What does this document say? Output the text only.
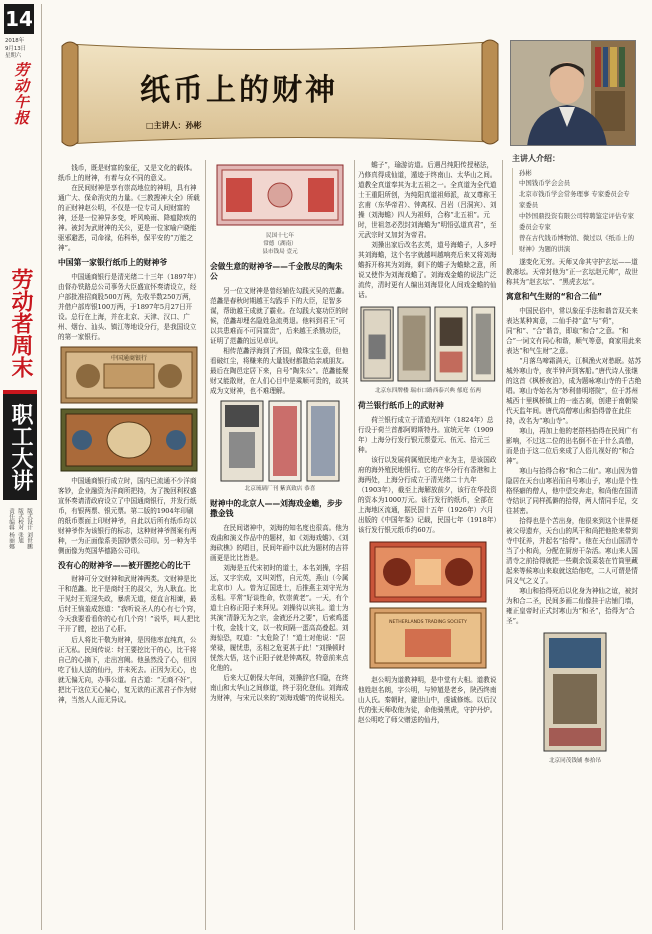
14
2018年
9月13日
星期六
劳动午报
劳动者周末
职工大讲
版式设计 刘世鹏
版式校对 张旭
责任编辑 杨丽娜
纸币上的财神
□主讲人：孙彬
主讲人介绍：
孙彬
中国钱币学会会员
北京市钱币学会常务理事 专家委员会专家委员
中钞国鼎投资有限公司特聘鉴定评估专家委员会专家
曾在古代钱币博物馆、微过以《纸币上的财神》为题的讲演
钱币，既是财富的象征，又是文化的载体。纸币上的财神，有着与众不同的意义。
在民间财神是享有崇高地位的神明，具有神通广大、保命消灾的力量。《三教搜神大全》所载的正财神赵公明，不仅是一位专司人间财富的神，还是一位神异多变，呼风唤雨、降瘟除疾的神。被封为武财神的关公，更是一位家喻户晓能驱邪避恶，司命禄，佑科举，保平安的“万能之神”。
中国第一家银行纸币上的财神爷
中国通商银行是清光绪二十三年（1897年）由督办铁路总公司事务大臣盛宣怀奏请设立，经户部批准招商股500万两，先收半数250万两，并借户部库银100万两，于1897年5月27日开设。总行在上海，并在北京、天津、汉口、广州、烟台、汕头、镇江等地设分行，是我国设立的第一家银行。
中国通商银行
中国通商银行成立时，国内已流通不少洋商客钞，企业融资为洋商所把持，为了挽回利权盛宣怀奏请清政府设立了中国通商银行，并发行纸币，有银两票、银元票。第二版的1904年印刷的纸币票面上印财神爷，自此以后所有纸币均以财神爷作为该银行的标志，这种财神爷图案有两种，一为正面像系美国钞票公司印。另一种为半侧面像为英国华德路公司印。
没有心的财神爷——被开膛挖心的比干
财神可分文财神和武财神两类。文财神是比干和范蠡。比干是商纣王的叔父，为人耿直。比干见纣王荒淫失政，暴虐无道，便直言相谏，最后纣王恼羞成怒道：“我听说圣人的心有七个窍，今天我要看看你的心有几个窍！”说毕，叫人把比干开了膛，挖出了心肝。
后人将比干敬为财神，是因他率直纯真，公正无私。民间传说：纣王要挖比干的心，比干将自己的心摘下，走出宫阙。他虽然没了心，但因吃了仙人送的仙丹，并未死去。正因为无心，也就无偏无向，办事公道。自古道：“无商不奸”，把比干这位无心偏心，复无欲的正派君子作为财神，当然人人而无异议。
民国十七年
常德（湖南）
县市钱局 壹元
会做生意的财神爷——千金散尽的陶朱公
另一位文财神是曾经辅佐勾践灭吴的范蠡。范蠡是春秋时期越王勾践手下的大臣，足智多谋，帮助越王成就了霸业。在勾践大宴功臣的时候，范蠡却埋名隐姓急流勇退。他料到君王“可以共患难而不可同富贵”，后来越王杀戮功臣，证明了范蠡的远见卓识。
相传范蠡浮海到了齐国，做珠宝生意，但他看破红尘，将赚来的大量钱财都散给亲戚朋友。最后在陶邑定居下来，自号“陶朱公”。范蠡能聚财又能散财，在人们心目中是乘顺可贵的，故其成为文财神，也不难理解。
北京琉璃厂刊 紫真致店 恭喜
财神中的北京人——刘海戏金蟾，步步撒金钱
在民间诸神中，刘海的知名度也很高。他为戏曲和演义作品中的题材，如《刘海戏蟾》、《刘海砍樵》的唱目，民间年画中以此为题材的吉祥画更是比比皆是。
刘海是五代宋初时的道士，本名刘操，字招远，又字宗成，又叫刘哲，自元英，燕山（今属北京市）人。曾为辽国进士，后推燕主刘守光为丞相。平常“好谈性命，钦崇黄老”。一天，有个道士自称正阳子来拜见。刘操待以宾礼。道士为其演“清静无为之宗，金液还丹之要”，后索鸡蛋十枚，金钱十文，以一枚间隔一蛋高高叠起。刘海惊恐，叹道：“太危险了！”道士对他说：“居荣禄，履忧患，丞相之危更甚于此！”刘操顿时恍然大悟，这个正阳子就是钟离权，特意前来点化他的。
后来大辽朝保大年间，刘操辞官归隐，在终南山和太华山之间修道，终于羽化登仙。刘海成为财神，与宋元以来的“刘海戏蟾”的传说相关。
蟾子”，瑜游访道。后遇吕纯阳传授秘法，乃修真得成仙道，遁迹于终南山、太华山之间。道教全真道奉其为北五祖之一。全真道为全代道士王重阳所创，为纯阳真道祖师派，故又尊称王玄甫（东华帝君）、钟离权、吕岩（吕洞宾）、刘操（刘海蟾）四人为祖师，合称“北五祖”。元时，世祖忽必烈封刘海蟾为“明悟弘道真君”，至元武宗时又加封为帝君。
刘操出家后改名玄英，道号海蟾子，人多呼其刘海蟾，这个名字就越叫越响亮后来又将刘海蟾拆开称其为刘海，剩下的蟾子为蟾蜍之意，所说又使作为刘海戏蟾了。刘海戏金蟾的说法广泛流传，清时更有人编出刘海显化人间戏金蟾的仙话。
北京东四牌楼 瑞市口路西泰兴典 郁庭 伍两
荷兰银行纸币上的武财神
荷兰银行成立于清道光四年（1824年）总行设于荷兰首都阿姆斯特丹。宣统元年（1909年）上海分行发行银元票壹元、伍元、拾元三种。
该行以发展荷属殖民地产业为主，是该国政府的海外殖民地银行。它的在华分行有香港和上海两处，上海分行成立于清光绪二十九年（1903年），截至上海解放前夕，该行在华投资的资本为1000万元。该行发行的纸币，全部在上海地区流通，据民国十五年（1926年）六月出版的《中国年鉴》记载，民国七年（1918年）该行发行银元纸币约60万。
NETHERLANDS TRADING SOCIETY
赵公明为道教神明，是中堂有大相。道教说他姓赵名朗，字公明，与钟馗是老乡，陕西终南山人氏。秦朝时，避世山中，虔诚修炼。以后汉代的张天师收他为徒，命他骑黑虎，守护丹炉。赵公明吃了师父赠送的仙丹，
遂变化无穷。天师又命其守护玄坛——道教斋坛。天帝封他为“正一玄坛赵元帅”，故世称其为“赵玄坛”、“黑虎玄坛”。
寓意和气生财的“和合二仙”
中国民俗中，常以象征手法和谐音双关来表达某种寓意，二仙手持“盒”与“荷”，同“和”、“合”谐音，即取“和合”之意。“和合”一词文有同心和谐，顺气等意，商家用此来表达“和气生财”之意。
“月落乌啼霜满天，江枫渔火对愁眠。姑苏城外寒山寺，夜半钟声到客船。”唐代诗人张继的这首《枫桥夜泊》，成为题咏寒山寺的千古绝唱。寒山寺始名为“妙利普明塔院”，位于苏州城西十里枫桥镇上的一座古刹，创建于南朝梁代天监年间。唐代高僧寒山和拾得曾在此住持，改名为“寒山寺”。
寒山，再加上他的老搭档拾得在民间广有影响，不过这二位的出名倒不在于什么高僧，而是由于这二位后来成了人俗儿视好的“和合神”。
寒山与拾得合称“和合二仙”。寒山因为曾隐居在天台山寒岩而自号寒山子，寒山是个性格怪癖的僧人，他中望交奔走，和尚他在国清寺结识了同样孤僻的拾得，两人情同手足，交往甚密。
拾得也是个苦出身，他很来到这个世界便被父母遗弃，天台山的风干和尚把他抢来带到寺中抚养，并起名“拾得”。他在天台山国清寺当了小和尚，分配在厨房干杂活。寒山来人国清寺之前拾得就把一些剩余饭菜装在竹筒里藏起来等候寒山来取就这给他吃，二人可谓是情同义气之义了。
寒山和拾得死后以化身为神仙之谊，被封为和合二圣，民间多画二仙像挂于店铺门墙，雍正皇帝时正式封寒山为“和圣”，拾得为“合圣”。
北京同茂钱铺 参拾吊
